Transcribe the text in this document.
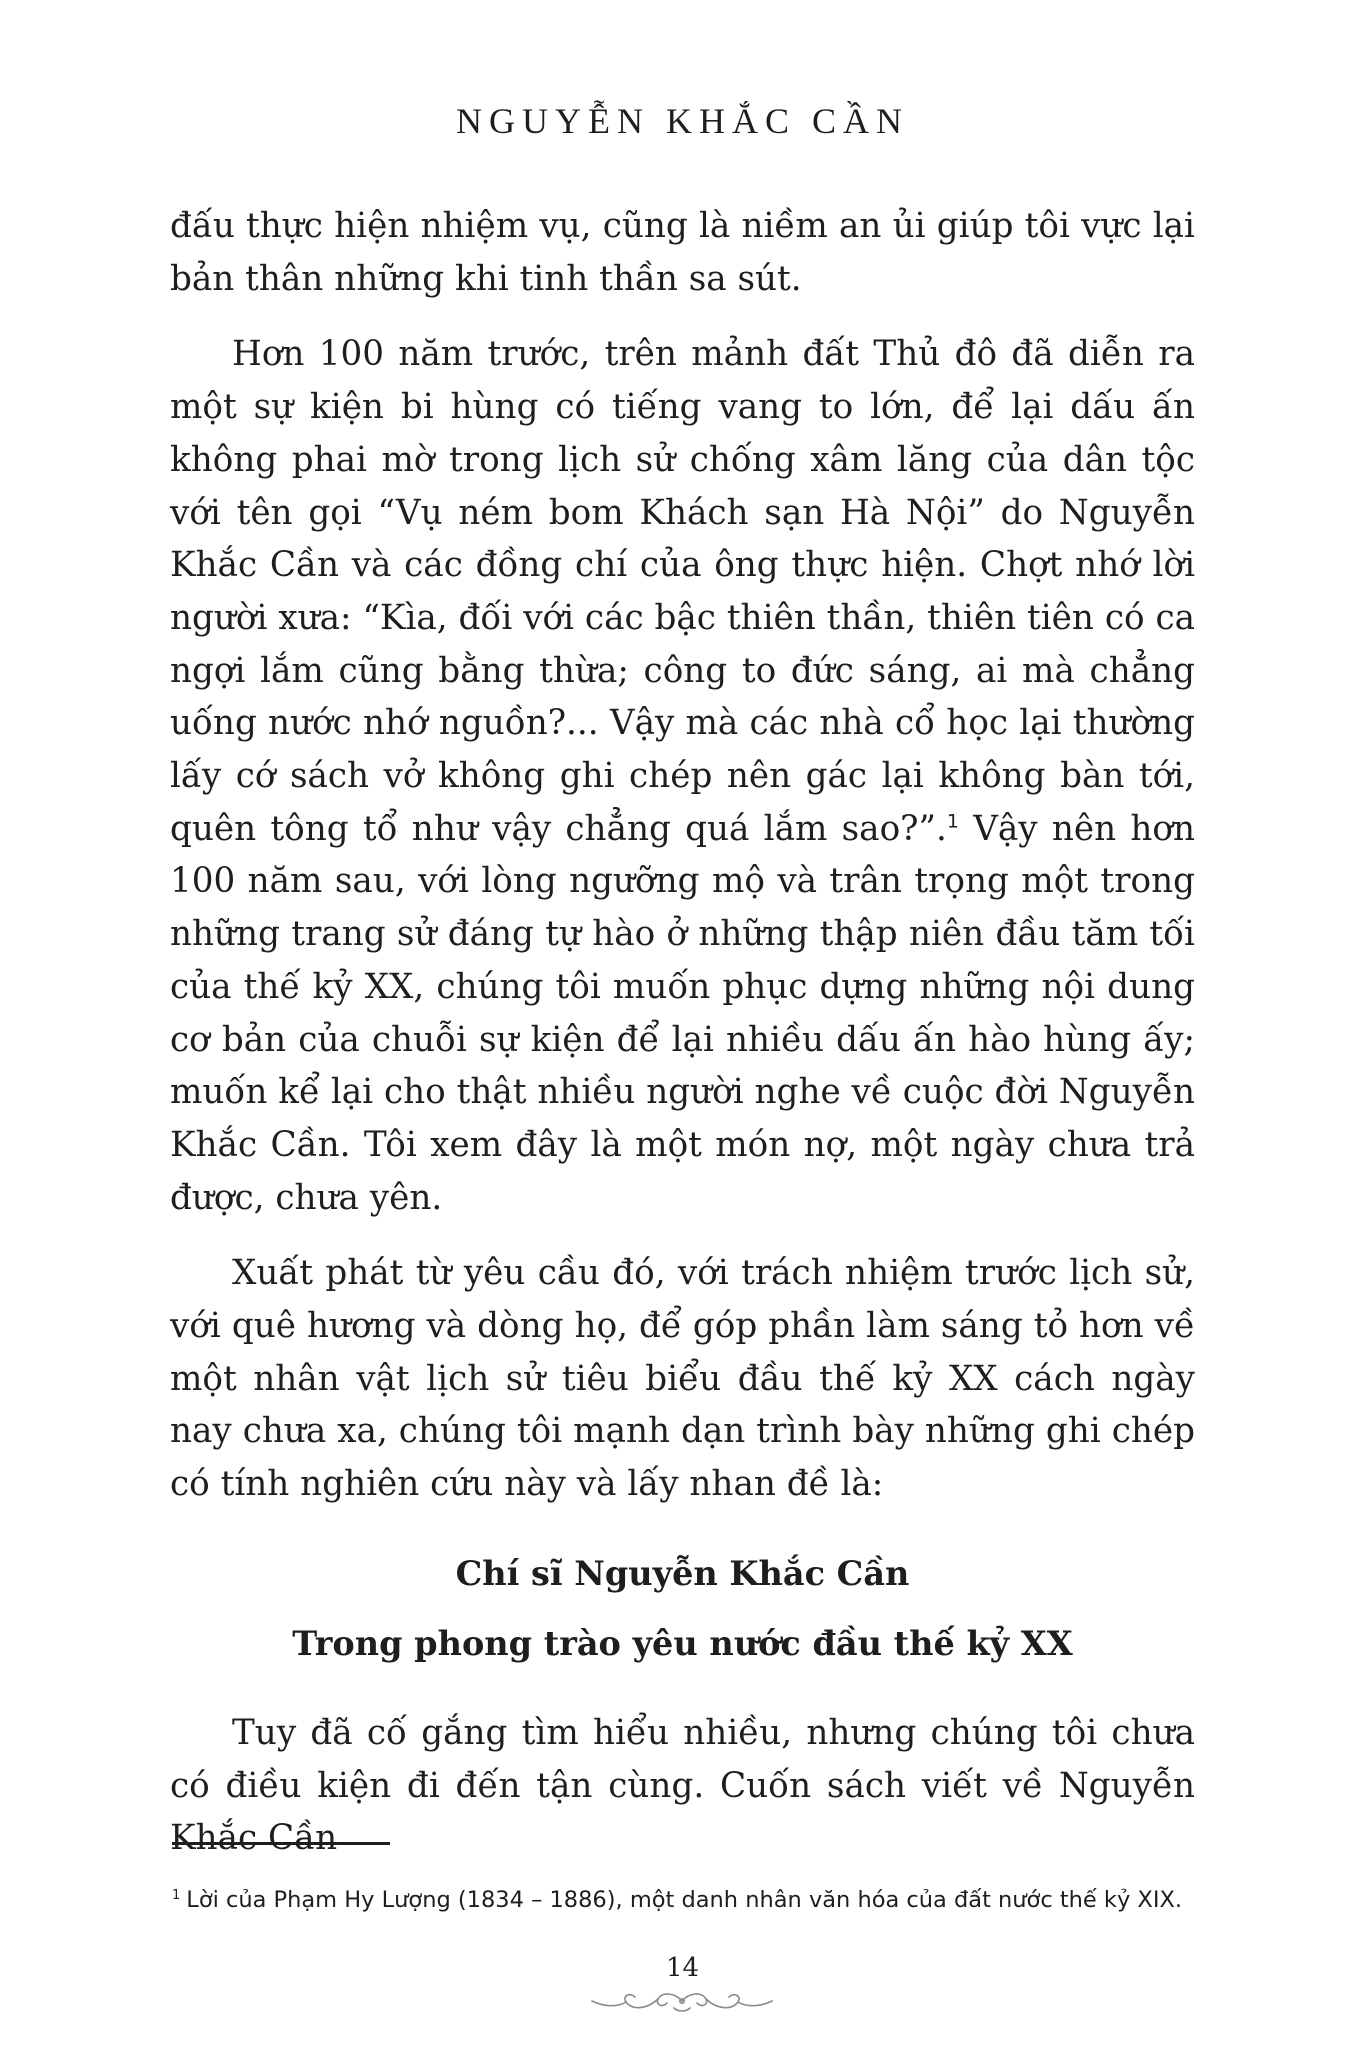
NGUYỄN KHẮC CẦN

đấu thực hiện nhiệm vụ, cũng là niềm an ủi giúp tôi vực lại bản thân những khi tinh thần sa sút.

Hơn 100 năm trước, trên mảnh đất Thủ đô đã diễn ra một sự kiện bi hùng có tiếng vang to lớn, để lại dấu ấn không phai mờ trong lịch sử chống xâm lăng của dân tộc với tên gọi “Vụ ném bom Khách sạn Hà Nội” do Nguyễn Khắc Cần và các đồng chí của ông thực hiện. Chợt nhớ lời người xưa: “Kìa, đối với các bậc thiên thần, thiên tiên có ca ngợi lắm cũng bằng thừa; công to đức sáng, ai mà chẳng uống nước nhớ nguồn?... Vậy mà các nhà cổ học lại thường lấy cớ sách vở không ghi chép nên gác lại không bàn tới, quên tông tổ như vậy chẳng quá lắm sao?”.$^1$ Vậy nên hơn 100 năm sau, với lòng ngưỡng mộ và trân trọng một trong những trang sử đáng tự hào ở những thập niên đầu tăm tối của thế kỷ XX, chúng tôi muốn phục dựng những nội dung cơ bản của chuỗi sự kiện để lại nhiều dấu ấn hào hùng ấy; muốn kể lại cho thật nhiều người nghe về cuộc đời Nguyễn Khắc Cần. Tôi xem đây là một món nợ, một ngày chưa trả được, chưa yên.

Xuất phát từ yêu cầu đó, với trách nhiệm trước lịch sử, với quê hương và dòng họ, để góp phần làm sáng tỏ hơn về một nhân vật lịch sử tiêu biểu đầu thế kỷ XX cách ngày nay chưa xa, chúng tôi mạnh dạn trình bày những ghi chép có tính nghiên cứu này và lấy nhan đề là:

Chí sĩ Nguyễn Khắc Cần

Trong phong trào yêu nước đầu thế kỷ XX

Tuy đã cố gắng tìm hiểu nhiều, nhưng chúng tôi chưa có điều kiện đi đến tận cùng. Cuốn sách viết về Nguyễn Khắc Cần

$^1$ Lời của Phạm Hy Lượng (1834 – 1886), một danh nhân văn hóa của đất nước thế kỷ XIX.

14
